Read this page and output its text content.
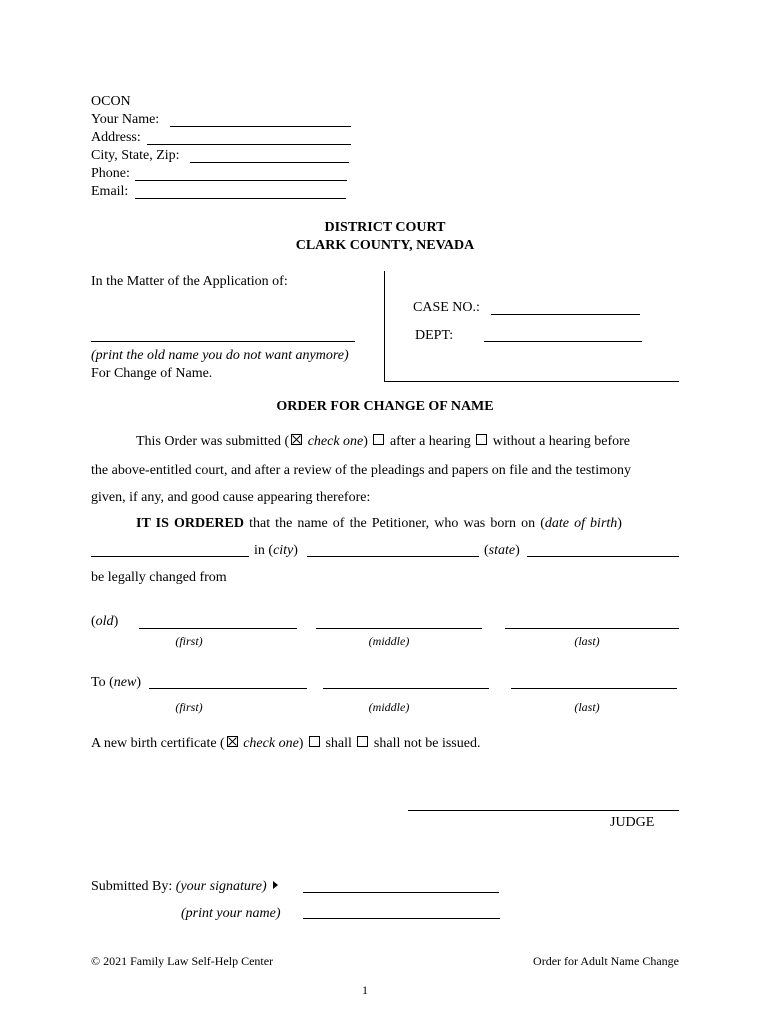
OCON
Your Name:
Address:
City, State, Zip:
Phone:
Email:
DISTRICT COURT
CLARK COUNTY, NEVADA
In the Matter of the Application of:
(print the old name you do not want anymore)
For Change of Name.
CASE NO.:
DEPT:
ORDER FOR CHANGE OF NAME
This Order was submitted ( check one) after a hearing without a hearing before
the above-entitled court, and after a review of the pleadings and papers on file and the testimony
given, if any, and good cause appearing therefore:
IT IS ORDERED that the name of the Petitioner, who was born on (date of birth)
in (city)	(state)
be legally changed from
(old)
(first)	(middle)	(last)
To (new)
(first)	(middle)	(last)
A new birth certificate ( check one) shall shall not be issued.
JUDGE
Submitted By: (your signature)
(print your name)
© 2021 Family Law Self-Help Center	Order for Adult Name Change
1
